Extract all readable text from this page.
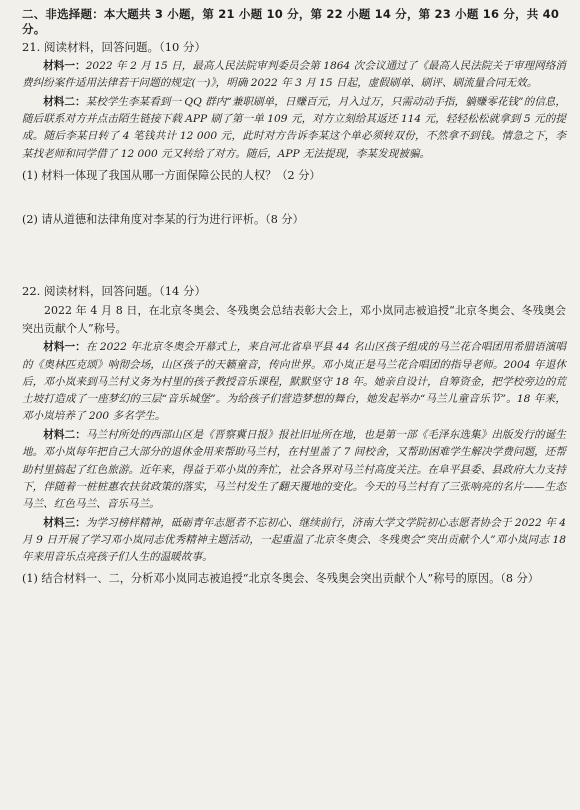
二、非选择题：本大题共 3 小题，第 21 小题 10 分，第 22 小题 14 分，第 23 小题 16 分，共 40 分。
21. 阅读材料，回答问题。（10 分）

材料一：2022 年 2 月 15 日，最高人民法院审判委员会第 1864 次会议通过了《最高人民法院关于审理网络消费纠纷案件适用法律若干问题的规定(一)》，明确 2022 年 3 月 15 日起，虚假刷单、刷评、刷流量合同无效。

材料二：某校学生李某看到一 QQ 群内“兼职刷单，日赚百元，月入过万，只需动动手指，躺赚零花钱”的信息，随后联系对方并点击陌生链接下载 APP 刷了第一单 109 元，对方立刻给其返还 114 元，轻轻松松就拿到 5 元的提成。随后李某日转了 4 笔钱共计 12 000 元，此时对方告诉李某这个单必须转双份，不然拿不到钱。情急之下，李某找老师和同学借了 12 000 元又转给了对方。随后，APP 无法提现，李某发现被骗。

(1) 材料一体现了我国从哪一方面保障公民的人权？（2 分）
(2) 请从道德和法律角度对李某的行为进行评析。（8 分）
22. 阅读材料，回答问题。（14 分）

2022 年 4 月 8 日，在北京冬奥会、冬残奥会总结表彰大会上，邓小岚同志被追授“北京冬奥会、冬残奥会突出贡献个人”称号。

材料一：在 2022 年北京冬奥会开幕式上，来自河北省阜平县 44 名山区孩子组成的马兰花合唱团用希腊语演唱的《奥林匹克颂》响彻会场，山区孩子的天籁童音，传向世界。邓小岚正是马兰花合唱团的指导老师。2004 年退休后，邓小岚来到马兰村义务为村里的孩子教授音乐课程，默默坚守 18 年。她亲自设计，自筹资金，把学校旁边的荒土坡打造成了一座梦幻的三层“音乐城堡”。为给孩子们营造梦想的舞台，她发起举办“马兰儿童音乐节”。18 年来，邓小岚培养了 200 多名学生。

材料二：马兰村所处的西部山区是《晋察冀日报》报社旧址所在地，也是第一部《毛泽东选集》出版发行的诞生地。邓小岚每年把自己大部分的退休金用来帮助马兰村，在村里盖了 7 间校舍，又帮助困难学生解决学费问题，还帮助村里搞起了红色旅游。近年来，得益于邓小岚的奔忙，社会各界对马兰村高度关注。在阜平县委、县政府大力支持下，伴随着一桩桩惠农扶贫政策的落实，马兰村发生了翻天覆地的变化。今天的马兰村有了三张响亮的名片——生态马兰、红色马兰、音乐马兰。

材料三：为学习榜样精神，砥砺青年志愿者不忘初心、继续前行，济南大学文学院初心志愿者协会于 2022 年 4 月 9 日开展了学习邓小岚同志优秀精神主题活动，一起重温了北京冬奥会、冬残奥会“突出贡献个人”邓小岚同志 18 年来用音乐点亮孩子们人生的温暖故事。

(1) 结合材料一、二，分析邓小岚同志被追授“北京冬奥会、冬残奥会突出贡献个人”称号的原因。（8 分）
